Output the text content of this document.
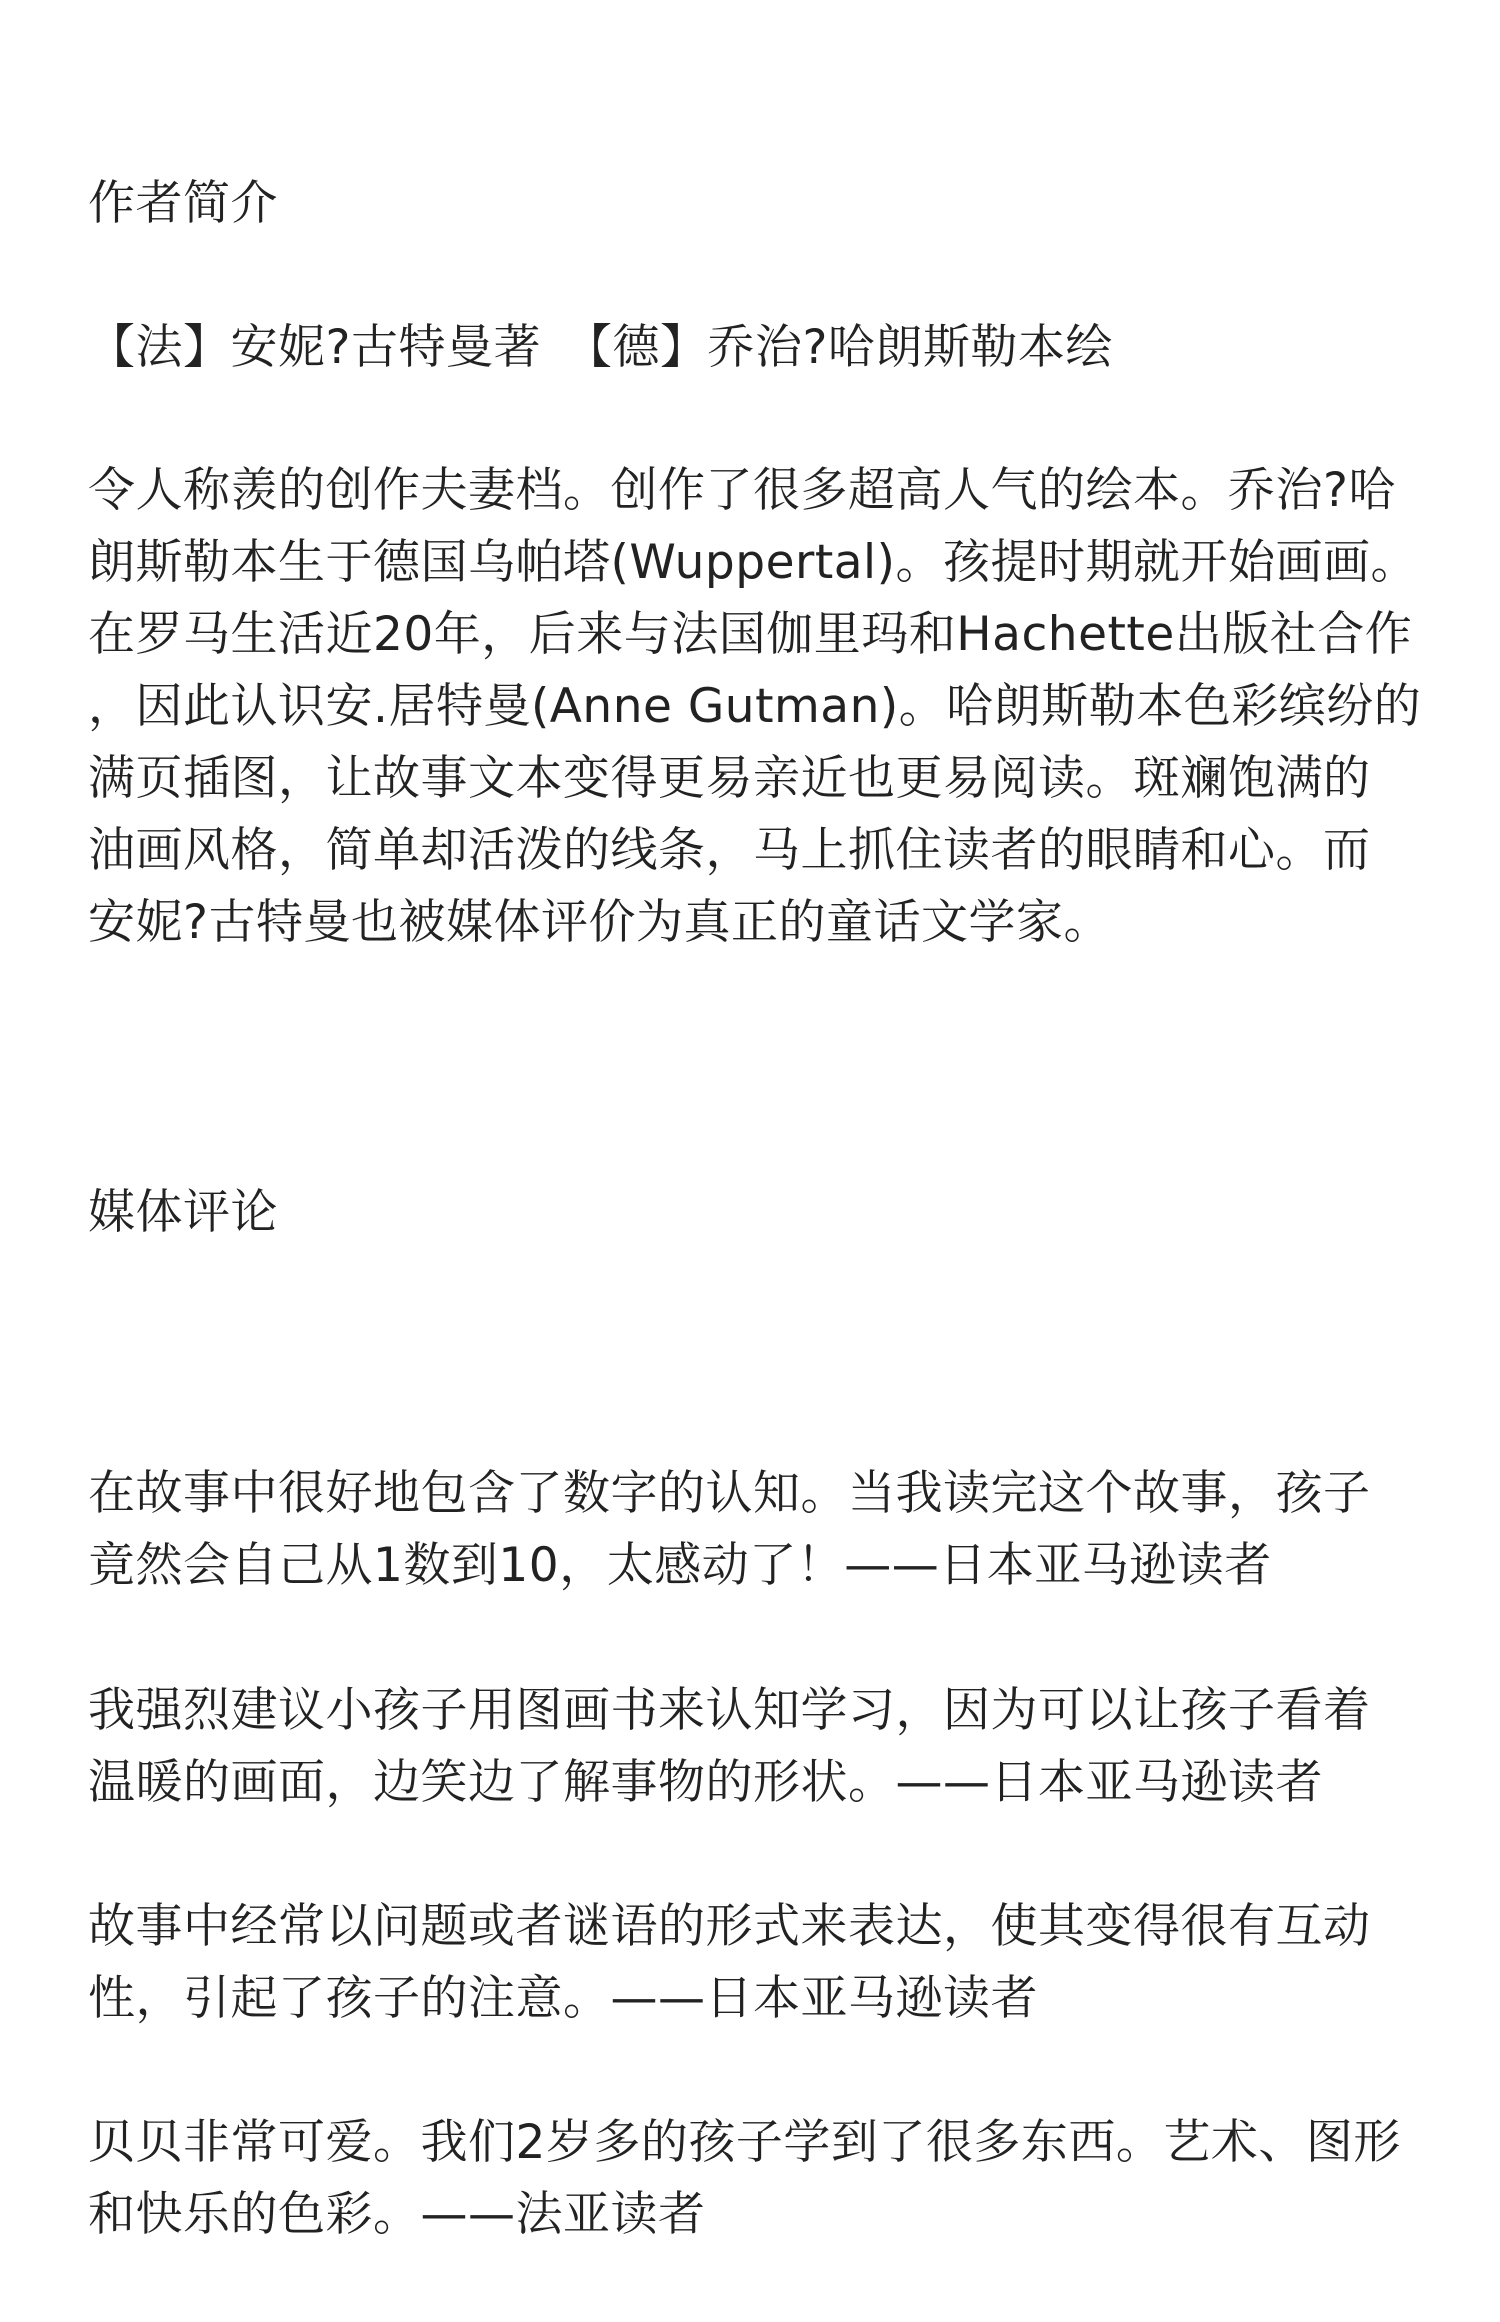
作者简介
【法】安妮?古特曼著　【德】乔治?哈朗斯勒本绘
令人称羡的创作夫妻档。创作了很多超高人气的绘本。乔治?哈
朗斯勒本生于德国乌帕塔(Wuppertal)。孩提时期就开始画画。
在罗马生活近20年，后来与法国伽里玛和Hachette出版社合作
，因此认识安.居特曼(Anne Gutman)。哈朗斯勒本色彩缤纷的
满页插图，让故事文本变得更易亲近也更易阅读。斑斓饱满的
油画风格，简单却活泼的线条，马上抓住读者的眼睛和心。而
安妮?古特曼也被媒体评价为真正的童话文学家。
媒体评论
在故事中很好地包含了数字的认知。当我读完这个故事，孩子
竟然会自己从1数到10，太感动了！——日本亚马逊读者
我强烈建议小孩子用图画书来认知学习，因为可以让孩子看着
温暖的画面，边笑边了解事物的形状。——日本亚马逊读者
故事中经常以问题或者谜语的形式来表达，使其变得很有互动
性，引起了孩子的注意。——日本亚马逊读者
贝贝非常可爱。我们2岁多的孩子学到了很多东西。艺术、图形
和快乐的色彩。——法亚读者
